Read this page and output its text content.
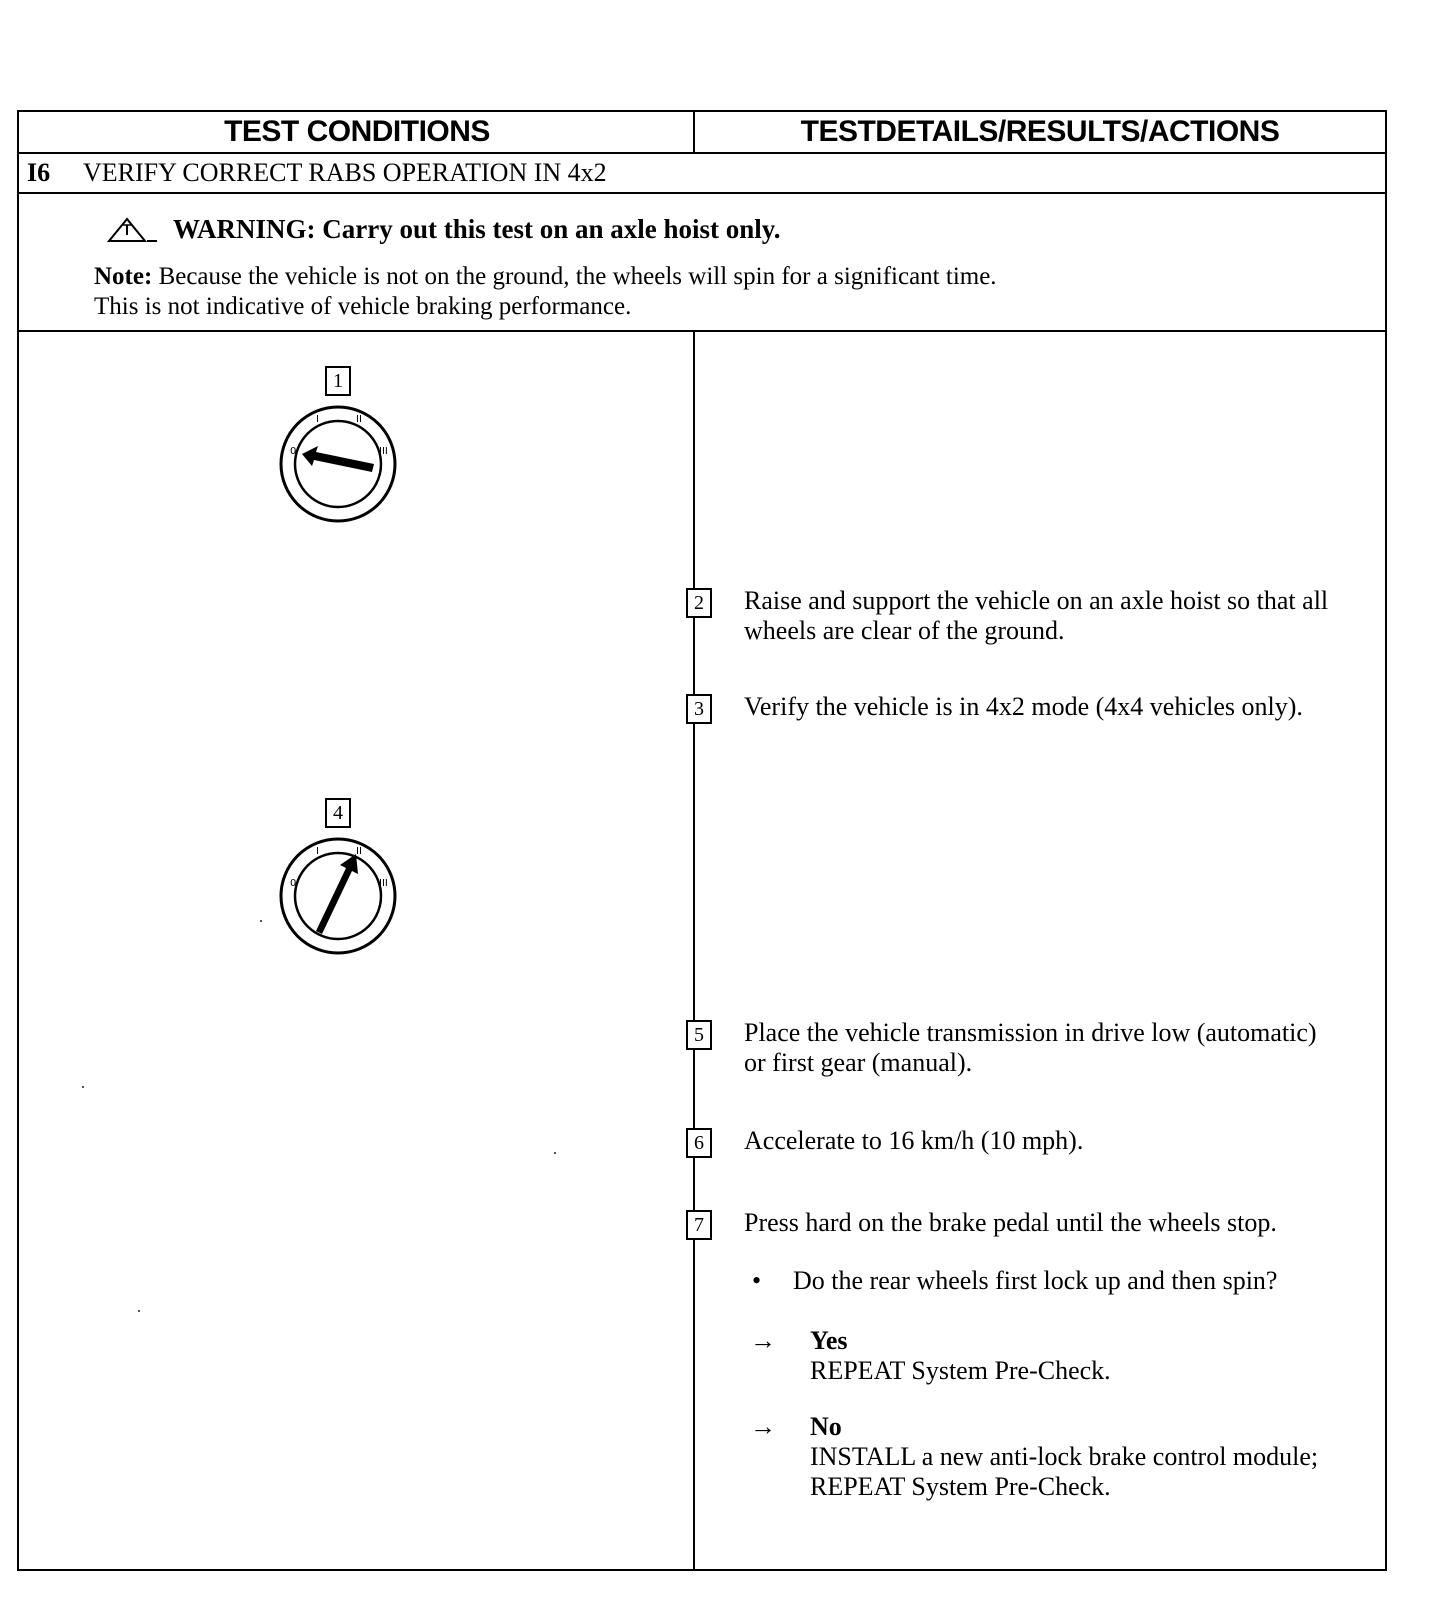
TEST CONDITIONS	TESTDETAILS/RESULTS/ACTIONS
I6 VERIFY CORRECT RABS OPERATION IN 4x2
WARNING: Carry out this test on an axle hoist only.
Note: Because the vehicle is not on the ground, the wheels will spin for a significant time.
This is not indicative of vehicle braking performance.
1
0
I	II
III
4
0
I	II
III
2	Raise and support the vehicle on an axle hoist so that all wheels are clear of the ground.
3	Verify the vehicle is in 4x2 mode (4x4 vehicles only).
5	Place the vehicle transmission in drive low (automatic) or first gear (manual).
6	Accelerate to 16 km/h (10 mph).
7	Press hard on the brake pedal until the wheels stop.
• Do the rear wheels first lock up and then spin?
→ Yes
REPEAT System Pre-Check.
→ No
INSTALL a new anti-lock brake control module; REPEAT System Pre-Check.
